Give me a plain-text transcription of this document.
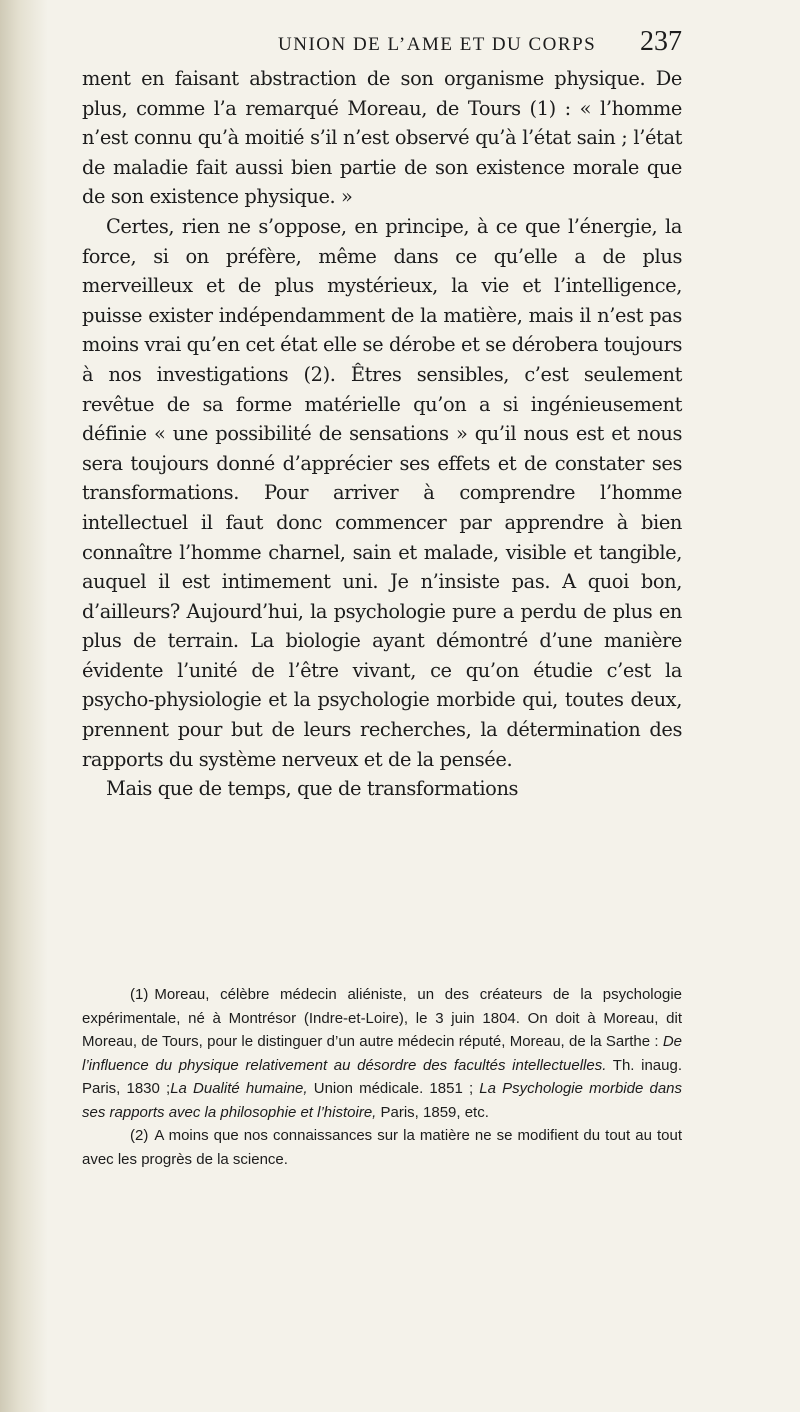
UNION DE L’AME ET DU CORPS	237

ment en faisant abstraction de son organisme physique. De plus, comme l’a remarqué Moreau, de Tours (1) : « l’homme n’est connu qu’à moitié s’il n’est observé qu’à l’état sain ; l’état de maladie fait aussi bien partie de son existence morale que de son existence physique. »

Certes, rien ne s’oppose, en principe, à ce que l’énergie, la force, si on préfère, même dans ce qu’elle a de plus merveilleux et de plus mystérieux, la vie et l’intelligence, puisse exister indépendamment de la matière, mais il n’est pas moins vrai qu’en cet état elle se dérobe et se dérobera toujours à nos investigations (2). Êtres sensibles, c’est seulement revêtue de sa forme matérielle qu’on a si ingénieusement définie « une possibilité de sensations » qu’il nous est et nous sera toujours donné d’apprécier ses effets et de constater ses transformations. Pour arriver à comprendre l’homme intellectuel il faut donc commencer par apprendre à bien connaître l’homme charnel, sain et malade, visible et tangible, auquel il est intimement uni. Je n’insiste pas. A quoi bon, d’ailleurs? Aujourd’hui, la psychologie pure a perdu de plus en plus de terrain. La biologie ayant démontré d’une manière évidente l’unité de l’être vivant, ce qu’on étudie c’est la psycho-physiologie et la psychologie morbide qui, toutes deux, prennent pour but de leurs recherches, la détermination des rapports du système nerveux et de la pensée.

Mais que de temps, que de transformations

(1) Moreau, célèbre médecin aliéniste, un des créateurs de la psychologie expérimentale, né à Montrésor (Indre-et-Loire), le 3 juin 1804. On doit à Moreau, dit Moreau, de Tours, pour le distinguer d’un autre médecin réputé, Moreau, de la Sarthe : De l’influence du physique relativement au désordre des facultés intellectuelles. Th. inaug. Paris, 1830 ;La Dualité humaine, Union médicale. 1851 ; La Psychologie morbide dans ses rapports avec la philosophie et l’histoire, Paris, 1859, etc.

(2) A moins que nos connaissances sur la matière ne se modifient du tout au tout avec les progrès de la science.
